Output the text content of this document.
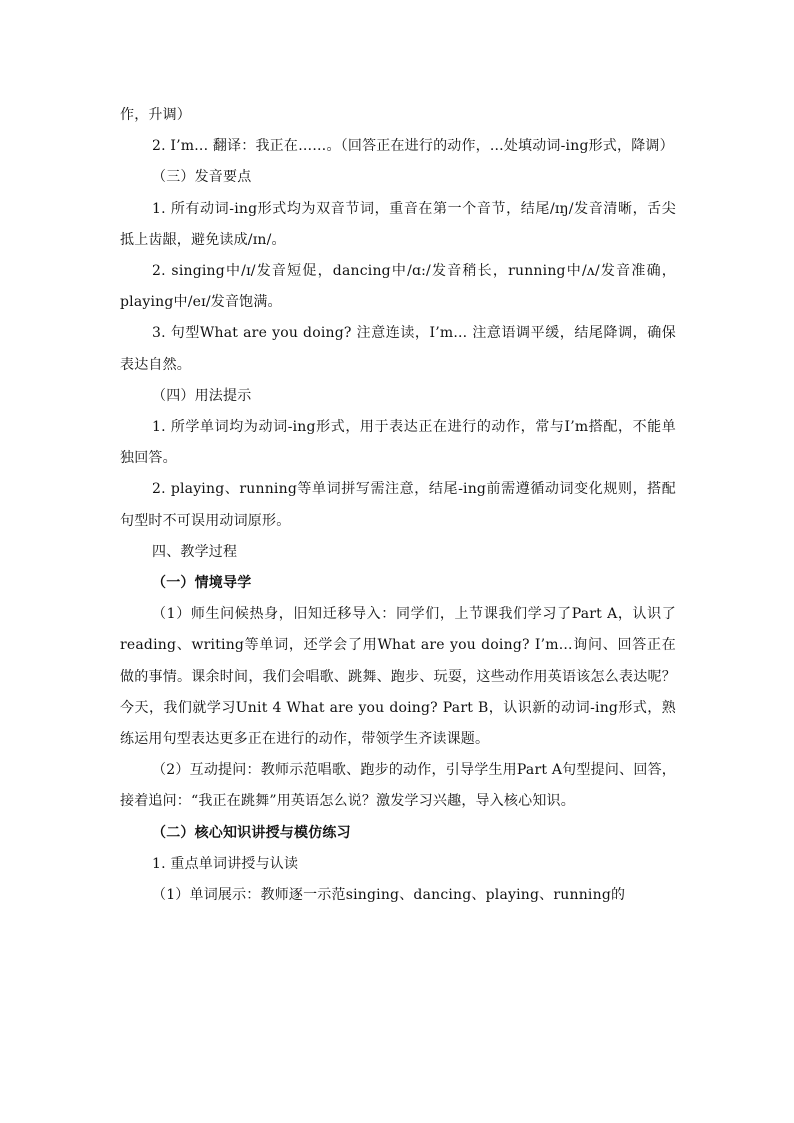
作，升调）

2. I’m... 翻译：我正在……。（回答正在进行的动作，...处填动词-ing形式，降调）

（三）发音要点

1. 所有动词-ing形式均为双音节词，重音在第一个音节，结尾/ɪŋ/发音清晰，舌尖抵上齿龈，避免读成/ɪn/。

2. singing中/ɪ/发音短促，dancing中/ɑ:/发音稍长，running中/ʌ/发音准确，playing中/eɪ/发音饱满。

3. 句型What are you doing? 注意连读，I’m... 注意语调平缓，结尾降调，确保表达自然。

（四）用法提示

1. 所学单词均为动词-ing形式，用于表达正在进行的动作，常与I’m搭配，不能单独回答。

2. playing、running等单词拼写需注意，结尾-ing前需遵循动词变化规则，搭配句型时不可误用动词原形。

四、教学过程

（一）情境导学

（1）师生问候热身，旧知迁移导入：同学们，上节课我们学习了Part A，认识了reading、writing等单词，还学会了用What are you doing? I’m...询问、回答正在做的事情。课余时间，我们会唱歌、跳舞、跑步、玩耍，这些动作用英语该怎么表达呢？今天，我们就学习Unit 4 What are you doing? Part B，认识新的动词-ing形式，熟练运用句型表达更多正在进行的动作，带领学生齐读课题。

（2）互动提问：教师示范唱歌、跑步的动作，引导学生用Part A句型提问、回答，接着追问：“我正在跳舞”用英语怎么说？激发学习兴趣，导入核心知识。

（二）核心知识讲授与模仿练习

1. 重点单词讲授与认读

（1）单词展示：教师逐一示范singing、dancing、playing、running的
